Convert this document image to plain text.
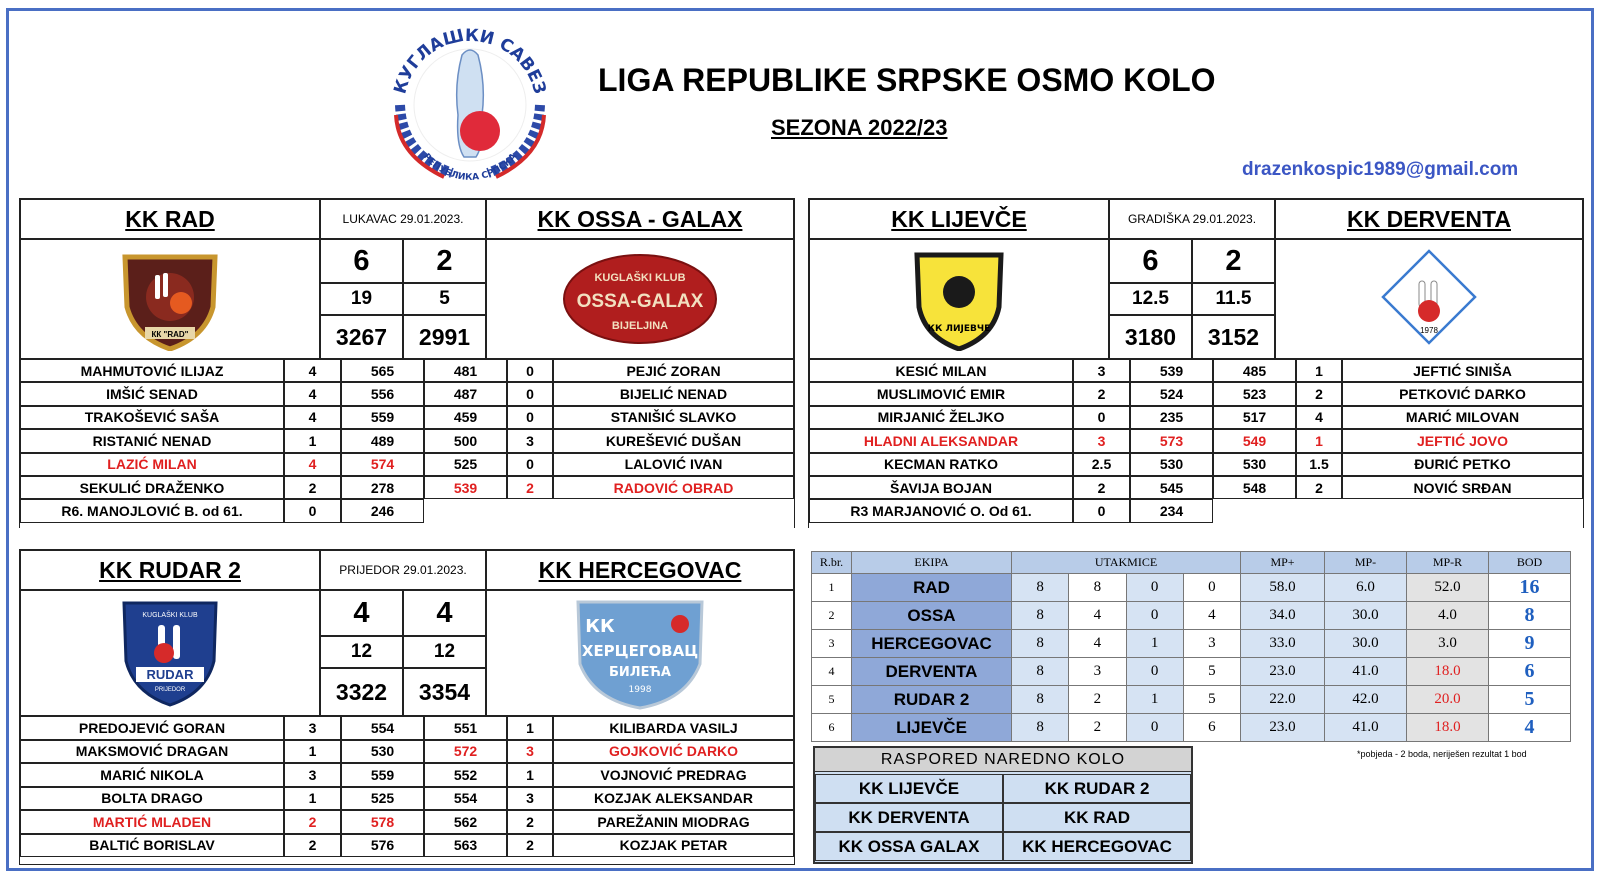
КУГЛАШКИ САВЕЗ
РЕПУБЛИКА СРПСКА
LIGA REPUBLIKE SRPSKE OSMO KOLO
SEZONA 2022/23
drazenkospic1989@gmail.com
KK RAD	LUKAVAC 29.01.2023.	KK OSSA - GALAX
КК "RAD"
6	2
19	5
3267	2991
KUGLAŠKI KLUB
OSSA-GALAX
BIJELJINA
MAHMUTOVIĆ ILIJAZ	4	565	481	0	PEJIĆ ZORAN
IMŠIĆ SENAD	4	556	487	0	BIJELIĆ NENAD
TRAKOŠEVIĆ SAŠA	4	559	459	0	STANIŠIĆ SLAVKO
RISTANIĆ NENAD	1	489	500	3	KUREŠEVIĆ DUŠAN
LAZIĆ MILAN	4	574	525	0	LALOVIĆ IVAN
SEKULIĆ DRAŽENKO	2	278	539	2	RADOVIĆ OBRAD
R6. MANOJLOVIĆ B. od 61.	0	246
KK LIJEVČE	GRADIŠKA 29.01.2023.	KK DERVENTA
КК ЛИЈЕВЧЕ
6	2
12.5	11.5
3180	3152	1978
KESIĆ MILAN	3	539	485	1	JEFTIĆ SINIŠA
MUSLIMOVIĆ EMIR	2	524	523	2	PETKOVIĆ DARKO
MIRJANIĆ ŽELJKO	0	235	517	4	MARIĆ MILOVAN
HLADNI ALEKSANDAR	3	573	549	1	JEFTIĆ JOVO
KECMAN RATKO	2.5	530	530	1.5	ĐURIĆ PETKO
ŠAVIJA BOJAN	2	545	548	2	NOVIĆ SRĐAN
R3 MARJANOVIĆ O. Od 61.	0	234
KK RUDAR 2	PRIJEDOR 29.01.2023.	KK HERCEGOVAC
KUGLAŠKI KLUB
RUDAR
PRIJEDOR
4	4
12	12
3322	3354
КК
ХЕРЦЕГОВАЦ
БИЛЕЋА
1998
PREDOJEVIĆ GORAN	3	554	551	1	KILIBARDA VASILJ
MAKSMOVIĆ DRAGAN	1	530	572	3	GOJKOVIĆ DARKO
MARIĆ NIKOLA	3	559	552	1	VOJNOVIĆ PREDRAG
BOLTA DRAGO	1	525	554	3	KOZJAK ALEKSANDAR
MARTIĆ MLADEN	2	578	562	2	PAREŽANIN MIODRAG
BALTIĆ BORISLAV	2	576	563	2	KOZJAK PETAR
R.br.	EKIPA	UTAKMICE				MP+	MP-	MP-R	BOD
1	RAD	8	8	0	0	58.0	6.0	52.0	16
2	OSSA	8	4	0	4	34.0	30.0	4.0	8
3	HERCEGOVAC	8	4	1	3	33.0	30.0	3.0	9
4	DERVENTA	8	3	0	5	23.0	41.0	18.0	6
5	RUDAR 2	8	2	1	5	22.0	42.0	20.0	5
6	LIJEVČE	8	2	0	6	23.0	41.0	18.0	4
RASPORED NAREDNO KOLO
KK LIJEVČE	KK RUDAR 2
KK DERVENTA	KK RAD
KK OSSA GALAX	KK HERCEGOVAC
*pobjeda - 2 boda, neriješen rezultat 1 bod
